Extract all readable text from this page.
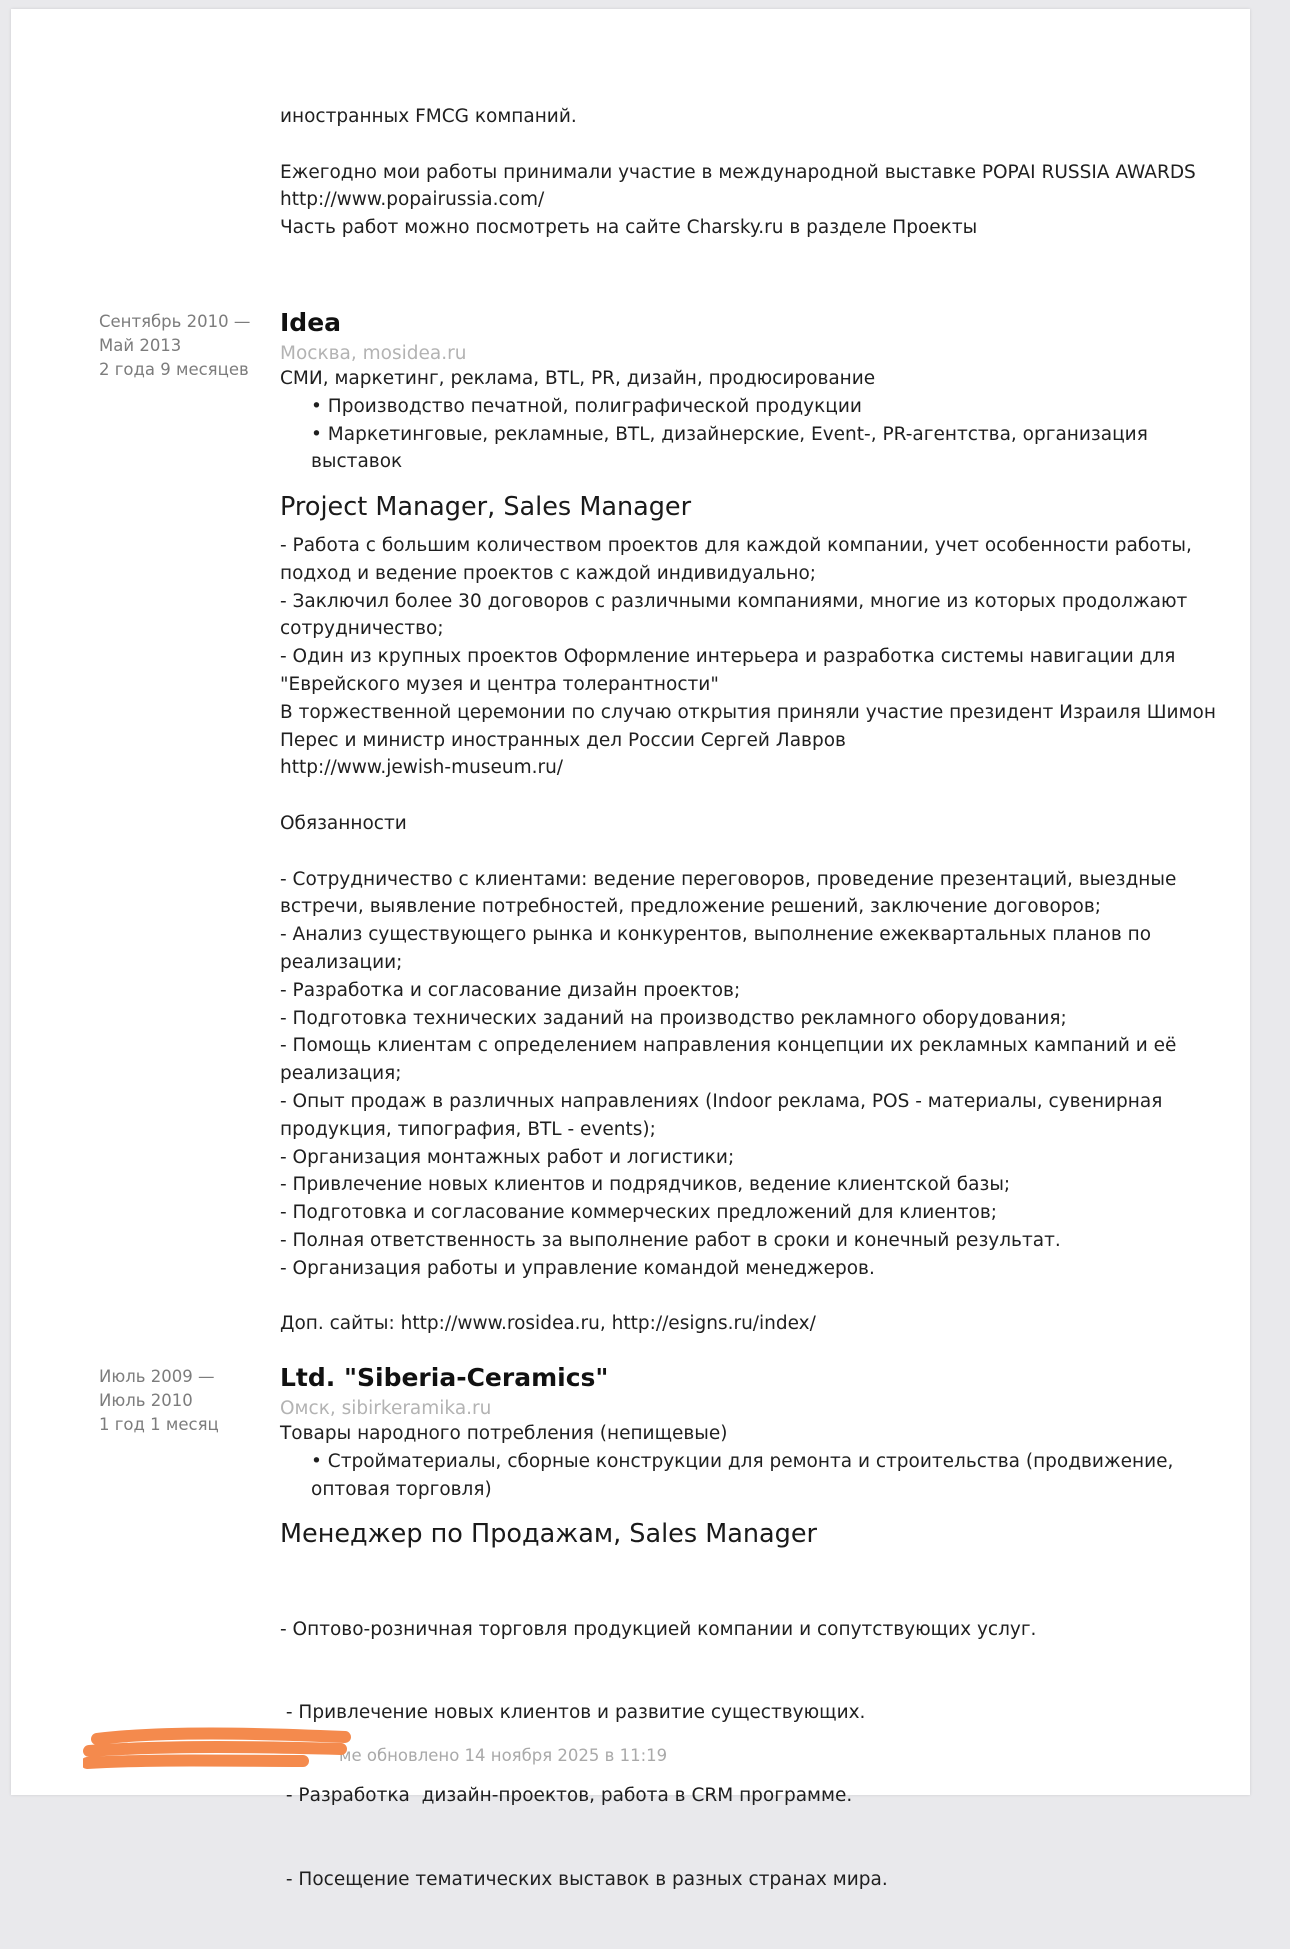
иностранных FMCG компаний.
Ежегодно мои работы принимали участие в международной выставке POPAI RUSSIA AWARDS
http://www.popairussia.com/
Часть работ можно посмотреть на сайте Charsky.ru в разделе Проекты
Сентябрь 2010 —
Май 2013
2 года 9 месяцев
Idea
Москва, mosidea.ru
СМИ, маркетинг, реклама, BTL, PR, дизайн, продюсирование
• Производство печатной, полиграфической продукции
• Маркетинговые, рекламные, BTL, дизайнерские, Event-, PR-агентства, организация
выставок
Project Manager, Sales Manager
- Работа с большим количеством проектов для каждой компании, учет особенности работы,
подход и ведение проектов с каждой индивидуально;
- Заключил более 30 договоров с различными компаниями, многие из которых продолжают
сотрудничество;
- Один из крупных проектов Оформление интерьера и разработка системы навигации для
"Еврейского музея и центра толерантности"
В торжественной церемонии по случаю открытия приняли участие президент Израиля Шимон
Перес и министр иностранных дел России Сергей Лавров
http://www.jewish-museum.ru/
Обязанности
- Сотрудничество с клиентами: ведение переговоров, проведение презентаций, выездные
встречи, выявление потребностей, предложение решений, заключение договоров;
- Анализ существующего рынка и конкурентов, выполнение ежеквартальных планов по
реализации;
- Разработка и согласование дизайн проектов;
- Подготовка технических заданий на производство рекламного оборудования;
- Помощь клиентам с определением направления концепции их рекламных кампаний и её
реализация;
- Опыт продаж в различных направлениях (Indoor реклама, POS - материалы, сувенирная
продукция, типография, BTL - events);
- Организация монтажных работ и логистики;
- Привлечение новых клиентов и подрядчиков, ведение клиентской базы;
- Подготовка и согласование коммерческих предложений для клиентов;
- Полная ответственность за выполнение работ в сроки и конечный результат.
- Организация работы и управление командой менеджеров.
Доп. сайты: http://www.rosidea.ru, http://esigns.ru/index/
Июль 2009 —
Июль 2010
1 год 1 месяц
Ltd. "Siberia-Ceramics"
Омск, sibirkeramika.ru
Товары народного потребления (непищевые)
• Стройматериалы, сборные конструкции для ремонта и строительства (продвижение,
оптовая торговля)
Менеджер по Продажам, Sales Manager

- Оптово-розничная торговля продукцией компании и сопутствующих услуг.

- Привлечение новых клиентов и развитие существующих.

- Разработка  дизайн-проектов, работа в CRM программе.

- Посещение тематических выставок в разных странах мира.

ме обновлено 14 ноября 2025 в 11:19
